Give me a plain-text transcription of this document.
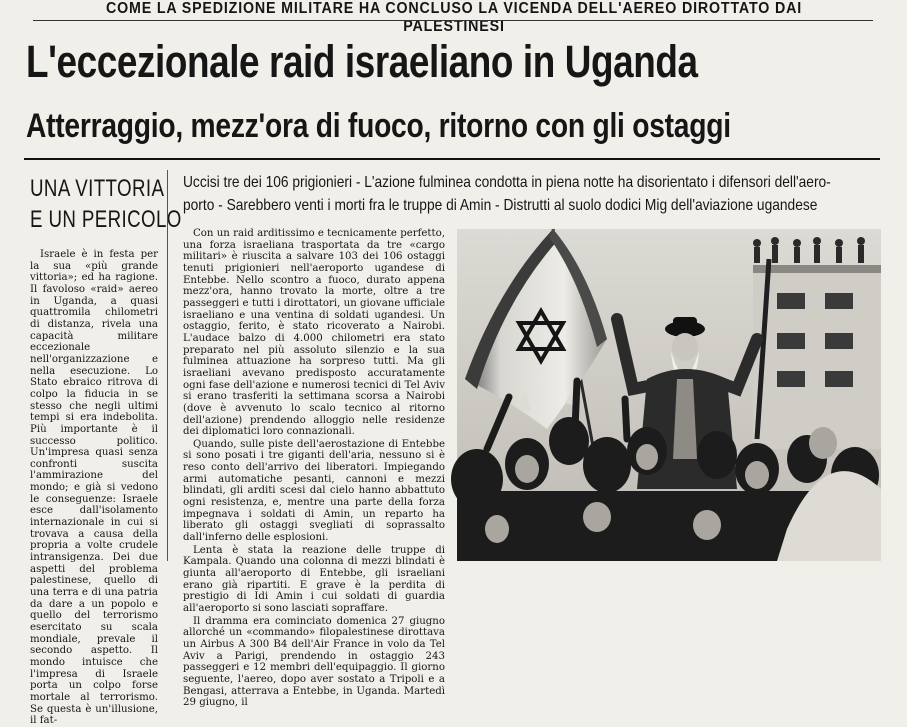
COME LA SPEDIZIONE MILITARE HA CONCLUSO LA VICENDA DELL'AEREO DIROTTATO DAI PALESTINESI
L'eccezionale raid israeliano in Uganda
Atterraggio, mezz'ora di fuoco, ritorno con gli ostaggi
UNA VITTORIA
E UN PERICOLO

Israele è in festa per la sua «più grande vittoria»; ed ha ragione. Il favoloso «raid» aereo in Uganda, a quasi quattromila chilometri di distanza, rivela una capacità militare eccezionale nell'organizzazione e nella esecuzione. Lo Stato ebraico ritrova di colpo la fiducia in se stesso che negli ultimi tempi si era indebolita. Più importante è il successo politico. Un'impresa quasi senza confronti suscita l'ammirazione del mondo; e già si vedono le conseguenze: Israele esce dall'isolamento internazionale in cui si trovava a causa della propria a volte crudele intransigenza. Dei due aspetti del problema palestinese, quello di una terra e di una patria da dare a un popolo e quello del terrorismo esercitato su scala mondiale, prevale il secondo aspetto. Il mondo intuisce che l'impresa di Israele porta un colpo forse mortale al terrorismo. Se questa è un'illusione, il fat-

Uccisi tre dei 106 prigionieri - L'azione fulminea condotta in piena notte ha disorientato i difensori dell'aero-
porto - Sarebbero venti i morti fra le truppe di Amin - Distrutti al suolo dodici Mig dell'aviazione ugandese

Con un raid arditissimo e tecnicamente perfetto, una forza israeliana trasportata da tre «cargo militari» è riuscita a salvare 103 dei 106 ostaggi tenuti prigionieri nell'aeroporto ugandese di Entebbe. Nello scontro a fuoco, durato appena mezz'ora, hanno trovato la morte, oltre a tre passeggeri e tutti i dirottatori, un giovane ufficiale israeliano e una ventina di soldati ugandesi. Un ostaggio, ferito, è stato ricoverato a Nairobi. L'audace balzo di 4.000 chilometri era stato preparato nel più assoluto silenzio e la sua fulminea attuazione ha sorpreso tutti. Ma gli israeliani avevano predisposto accuratamente ogni fase dell'azione e numerosi tecnici di Tel Aviv si erano trasferiti la settimana scorsa a Nairobi (dove è avvenuto lo scalo tecnico al ritorno dell'azione) prendendo alloggio nelle residenze dei diplomatici loro connazionali.

Quando, sulle piste dell'aerostazione di Entebbe si sono posati i tre giganti dell'aria, nessuno si è reso conto dell'arrivo dei liberatori. Impiegando armi automatiche pesanti, cannoni e mezzi blindati, gli arditi scesi dal cielo hanno abbattuto ogni resistenza, e, mentre una parte della forza impegnava i soldati di Amin, un reparto ha liberato gli ostaggi svegliati di soprassalto dall'inferno delle esplosioni.

Lenta è stata la reazione delle truppe di Kampala. Quando una colonna di mezzi blindati è giunta all'aeroporto di Entebbe, gli israeliani erano già ripartiti. E grave è la perdita di prestigio di Idi Amin i cui soldati di guardia all'aeroporto si sono lasciati sopraffare.

Il dramma era cominciato domenica 27 giugno allorché un «commando» filopalestinese dirottava un Airbus A 300 B4 dell'Air France in volo da Tel Aviv a Parigi, prendendo in ostaggio 243 passeggeri e 12 membri dell'equipaggio. Il giorno seguente, l'aereo, dopo aver sostato a Tripoli e a Bengasi, atterrava a Entebbe, in Uganda. Martedì 29 giugno, il
